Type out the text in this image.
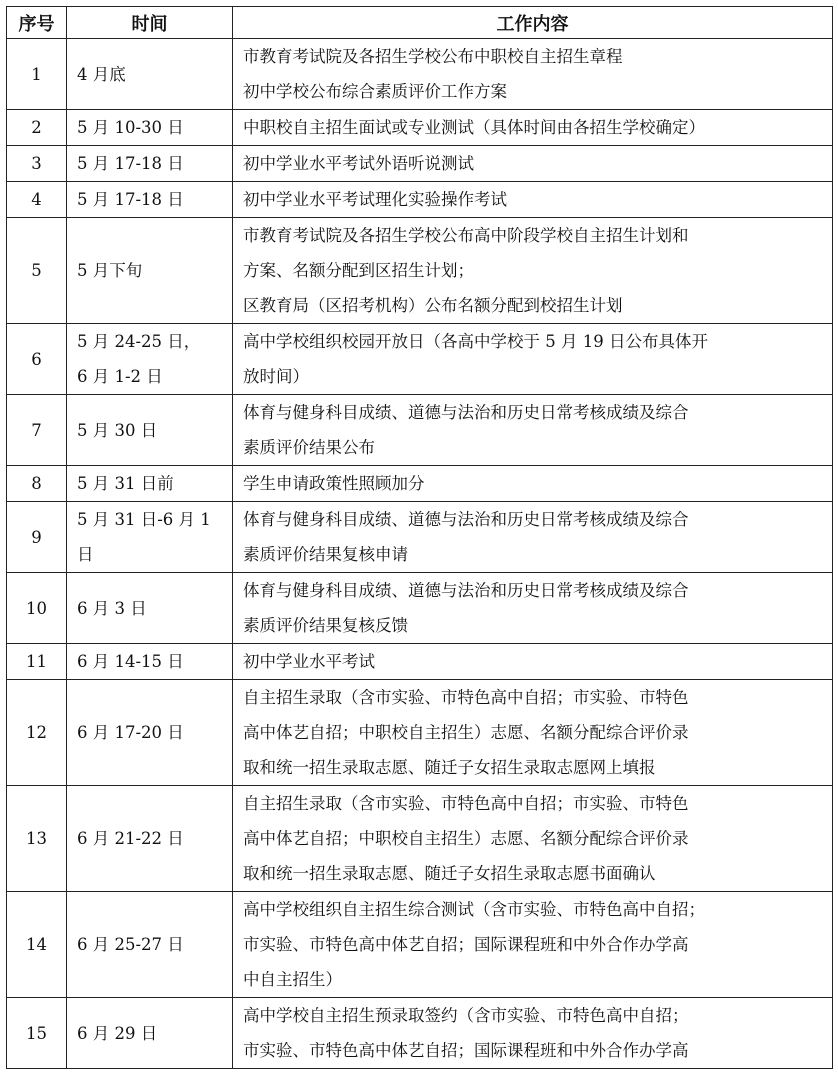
序号	时间	工作内容
1	4 月底	市教育考试院及各招生学校公布中职校自主招生章程
初中学校公布综合素质评价工作方案

2	5 月 10-30 日	中职校自主招生面试或专业测试（具体时间由各招生学校确定）

3	5 月 17-18 日	初中学业水平考试外语听说测试

4	5 月 17-18 日	初中学业水平考试理化实验操作考试

5	5 月下旬	市教育考试院及各招生学校公布高中阶段学校自主招生计划和
方案、名额分配到区招生计划；
区教育局（区招考机构）公布名额分配到校招生计划

6	5 月 24-25 日，
6 月 1-2 日	高中学校组织校园开放日（各高中学校于 5 月 19 日公布具体开
放时间）

7	5 月 30 日	体育与健身科目成绩、道德与法治和历史日常考核成绩及综合
素质评价结果公布

8	5 月 31 日前	学生申请政策性照顾加分

9	5 月 31 日-6 月 1
日	体育与健身科目成绩、道德与法治和历史日常考核成绩及综合
素质评价结果复核申请

10	6 月 3 日	体育与健身科目成绩、道德与法治和历史日常考核成绩及综合
素质评价结果复核反馈

11	6 月 14-15 日	初中学业水平考试

12	6 月 17-20 日	自主招生录取（含市实验、市特色高中自招；市实验、市特色
高中体艺自招；中职校自主招生）志愿、名额分配综合评价录
取和统一招生录取志愿、随迁子女招生录取志愿网上填报

13	6 月 21-22 日	自主招生录取（含市实验、市特色高中自招；市实验、市特色
高中体艺自招；中职校自主招生）志愿、名额分配综合评价录
取和统一招生录取志愿、随迁子女招生录取志愿书面确认

14	6 月 25-27 日	高中学校组织自主招生综合测试（含市实验、市特色高中自招；
市实验、市特色高中体艺自招；国际课程班和中外合作办学高
中自主招生）

15	6 月 29 日	高中学校自主招生预录取签约（含市实验、市特色高中自招；
市实验、市特色高中体艺自招；国际课程班和中外合作办学高
